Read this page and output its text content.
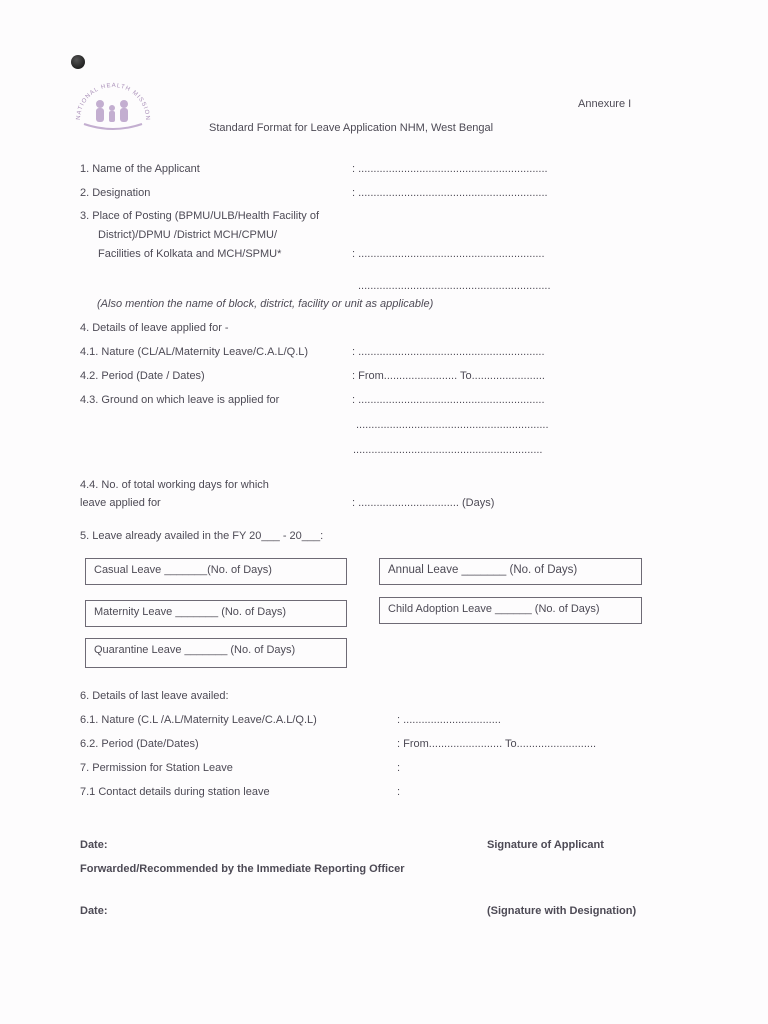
NATIONAL HEALTH MISSION
Annexure I
Standard Format for Leave Application NHM, West Bengal
1. Name of the Applicant	: ..............................................................
2. Designation	: ..............................................................
3. Place of Posting (BPMU/ULB/Health Facility of
District)/DPMU /District MCH/CPMU/
Facilities of Kolkata and MCH/SPMU*	: .............................................................
...............................................................
(Also mention the name of block, district, facility or unit as applicable)
4. Details of leave applied for -
4.1. Nature (CL/AL/Maternity Leave/C.A.L/Q.L)	: .............................................................
4.2. Period (Date / Dates)	: From........................ To........................
4.3. Ground on which leave is applied for	: .............................................................
...............................................................
..............................................................
4.4. No. of total working days for which
leave applied for	: ................................. (Days)
5. Leave already availed in the FY 20___ - 20___:
Casual Leave _______(No. of Days)	Annual Leave _______ (No. of Days)
Maternity Leave _______ (No. of Days)	Child Adoption Leave ______ (No. of Days)
Quarantine Leave _______ (No. of Days)
6. Details of last leave availed:
6.1. Nature (C.L /A.L/Maternity Leave/C.A.L/Q.L)	: ................................
6.2. Period (Date/Dates)	: From........................ To..........................
7. Permission for Station Leave	:
7.1 Contact details during station leave	:
Date:	Signature of Applicant
Forwarded/Recommended by the Immediate Reporting Officer
Date:	(Signature with Designation)
